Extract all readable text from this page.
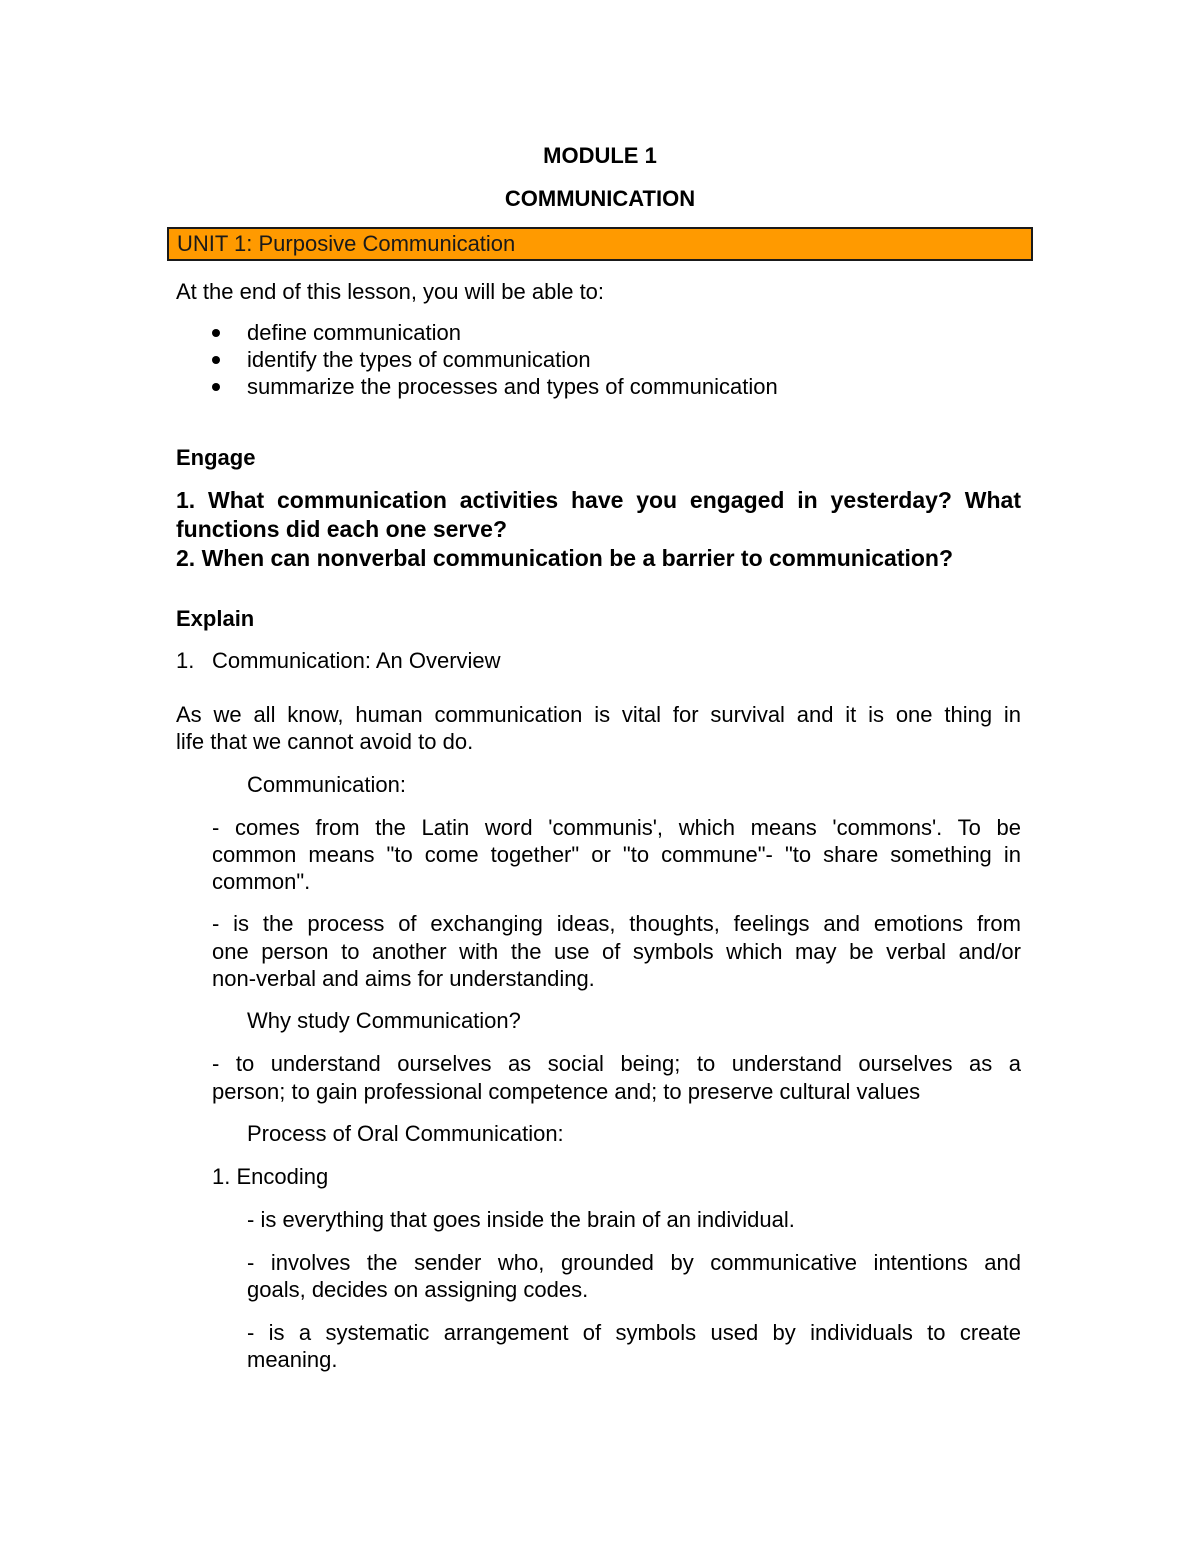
MODULE 1
COMMUNICATION
UNIT 1: Purposive Communication
At the end of this lesson, you will be able to:
define communication
identify the types of communication
summarize the processes and types of communication
Engage
1. What communication activities have you engaged in yesterday? What
functions did each one serve?
2. When can nonverbal communication be a barrier to communication?
Explain
1. Communication: An Overview
As we all know, human communication is vital for survival and it is one thing in
life that we cannot avoid to do.
Communication:
- comes from the Latin word 'communis', which means 'commons'. To be
common means "to come together" or "to commune"- "to share something in
common".
- is the process of exchanging ideas, thoughts, feelings and emotions from
one person to another with the use of symbols which may be verbal and/or
non-verbal and aims for understanding.
Why study Communication?
- to understand ourselves as social being; to understand ourselves as a
person; to gain professional competence and; to preserve cultural values
Process of Oral Communication:
1. Encoding
- is everything that goes inside the brain of an individual.
- involves the sender who, grounded by communicative intentions and
goals, decides on assigning codes.
- is a systematic arrangement of symbols used by individuals to create
meaning.
